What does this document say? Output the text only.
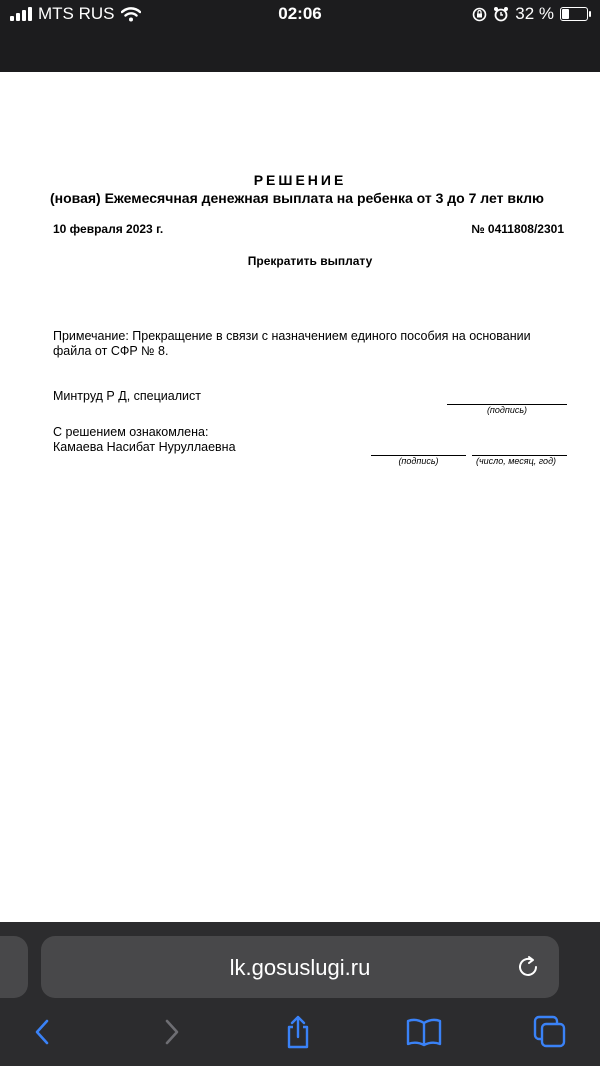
MTS RUS	02:06	32 %
РЕШЕНИЕ
(новая) Ежемесячная денежная выплата на ребенка от 3 до 7 лет вклю
10 февраля 2023 г.	№ 0411808/2301
Прекратить выплату
Примечание: Прекращение в связи с назначением единого пособия на основании
файла от СФР № 8.
Минтруд Р Д, специалист
(подпись)
С решением ознакомлена:
Камаева Насибат Нуруллаевна
(подпись)	(число, месяц, год)
lk.gosuslugi.ru
